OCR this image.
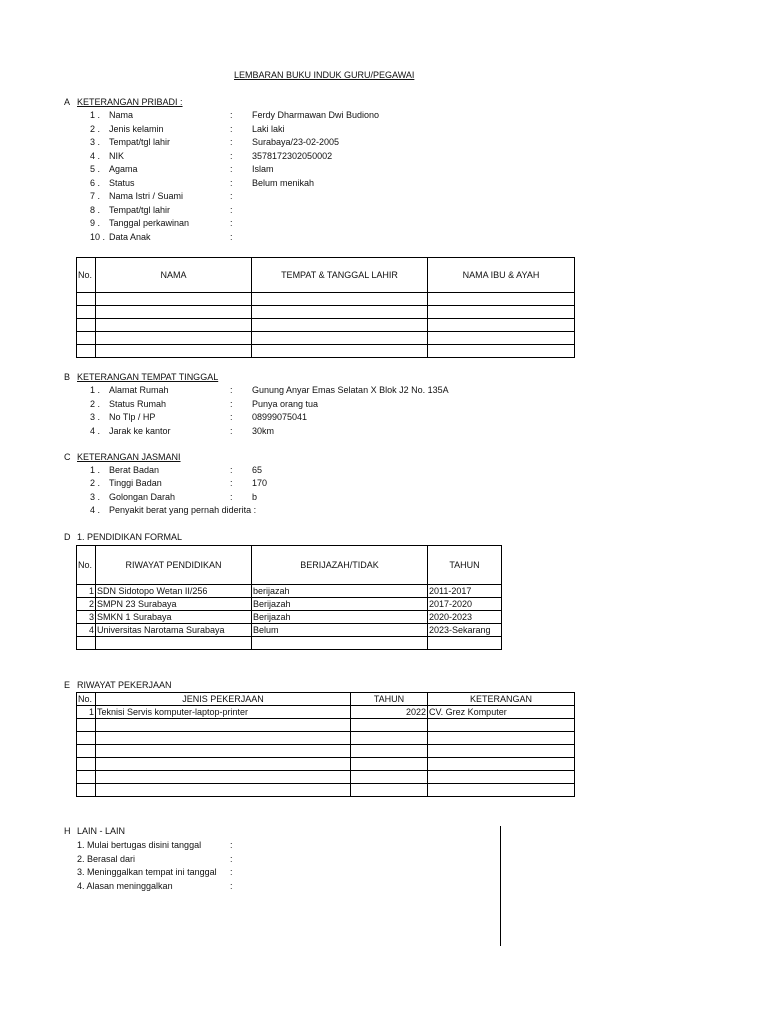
LEMBARAN BUKU INDUK GURU/PEGAWAI
A KETERANGAN PRIBADI :
1 . Nama	: Ferdy Dharmawan Dwi Budiono
2 . Jenis kelamin	: Laki laki
3 . Tempat/tgl lahir	: Surabaya/23-02-2005
4 . NIK	: 3578172302050002
5 . Agama	: Islam
6 . Status	: Belum menikah
7 . Nama Istri / Suami	:
8 . Tempat/tgl lahir	:
9 . Tanggal perkawinan	:
10 . Data Anak	:
No.	NAMA	TEMPAT & TANGGAL LAHIR	NAMA IBU & AYAH

B KETERANGAN TEMPAT TINGGAL
1 . Alamat Rumah	: Gunung Anyar Emas Selatan X Blok J2 No. 135A
2 . Status Rumah	: Punya orang tua
3 . No Tlp / HP	: 08999075041
4 . Jarak ke kantor	: 30km
C KETERANGAN JASMANI
1 . Berat Badan	: 65
2 . Tinggi Badan	: 170
3 . Golongan Darah	: b
4 . Penyakit berat yang pernah diderita :
D 1. PENDIDIKAN FORMAL
No.	RIWAYAT PENDIDIKAN	BERIJAZAH/TIDAK	TAHUN
1	SDN Sidotopo Wetan II/256	berijazah	2011-2017
2	SMPN 23 Surabaya	Berijazah	2017-2020
3	SMKN 1 Surabaya	Berijazah	2020-2023
4	Universitas Narotama Surabaya	Belum	2023-Sekarang

E RIWAYAT PEKERJAAN
No.	JENIS PEKERJAAN	TAHUN	KETERANGAN
1	Teknisi Servis komputer-laptop-printer	2022	CV. Grez Komputer

H LAIN - LAIN
1. Mulai bertugas disini tanggal	:
2. Berasal dari	:
3. Meninggalkan tempat ini tanggal :
4. Alasan meninggalkan	:
